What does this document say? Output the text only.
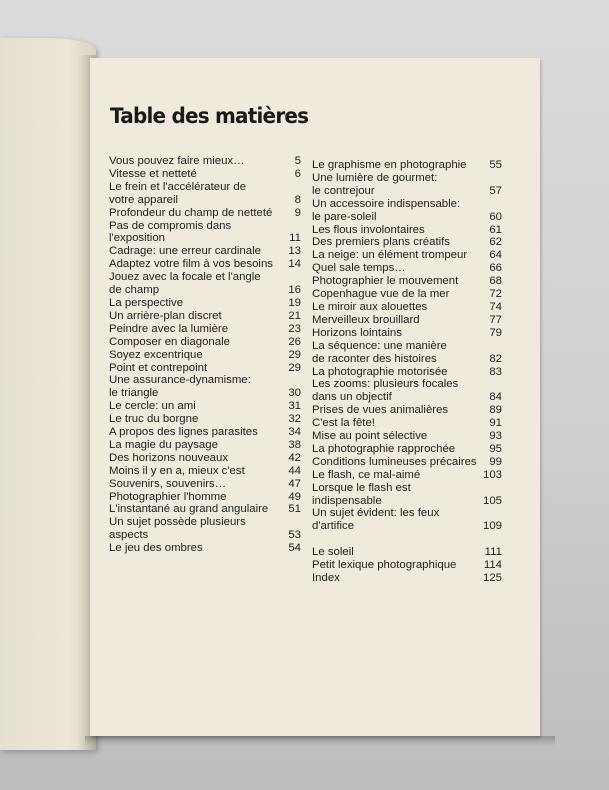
Table des matières
Vous pouvez faire mieux…	5
Vitesse et netteté	6
Le frein et l'accélérateur de
votre appareil	8
Profondeur du champ de netteté	9
Pas de compromis dans
l'exposition	11
Cadrage: une erreur cardinale	13
Adaptez votre film à vos besoins	14
Jouez avec la focale et l'angle
de champ	16
La perspective	19
Un arrière-plan discret	21
Peindre avec la lumière	23
Composer en diagonale	26
Soyez excentrique	29
Point et contrepoint	29
Une assurance-dynamisme:
le triangle	30
Le cercle: un ami	31
Le truc du borgne	32
A propos des lignes parasites	34
La magie du paysage	38
Des horizons nouveaux	42
Moins il y en a, mieux c'est	44
Souvenirs, souvenirs…	47
Photographier l'homme	49
L'instantané au grand angulaire	51
Un sujet possède plusieurs
aspects	53
Le jeu des ombres	54
Le graphisme en photographie	55
Une lumière de gourmet:
le contrejour	57
Un accessoire indispensable:
le pare-soleil	60
Les flous involontaires	61
Des premiers plans créatifs	62
La neige: un élément trompeur	64
Quel sale temps…	66
Photographier le mouvement	68
Copenhague vue de la mer	72
Le miroir aux alouettes	74
Merveilleux brouillard	77
Horizons lointains	79
La séquence: une manière
de raconter des histoires	82
La photographie motorisée	83
Les zooms: plusieurs focales
dans un objectif	84
Prises de vues animalières	89
C'est la fête!	91
Mise au point sélective	93
La photographie rapprochée	95
Conditions lumineuses précaires	99
Le flash, ce mal-aimé	103
Lorsque le flash est indispensable	105
Un sujet évident: les feux d'artifice	109
Le soleil	111
Petit lexique photographique	114
Index	125
